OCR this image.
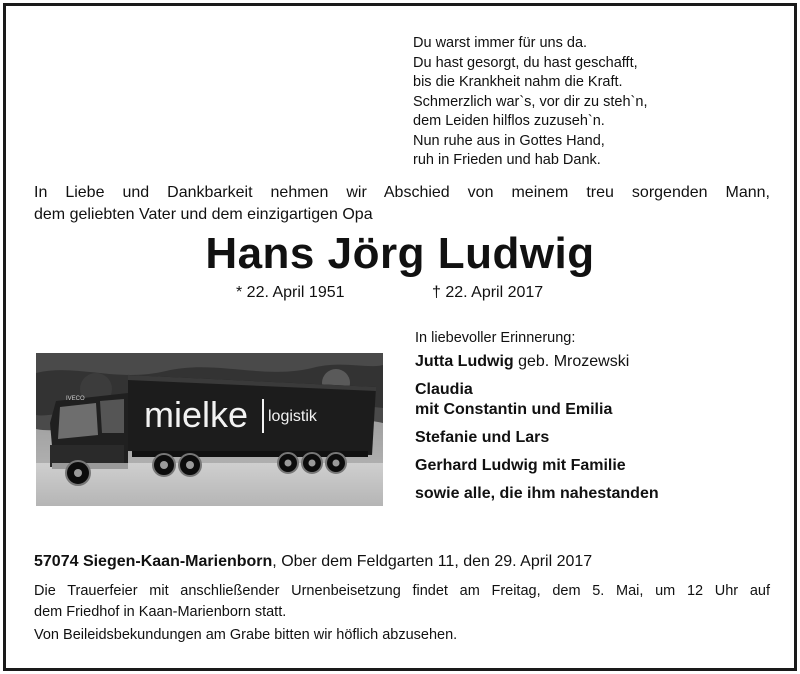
Du warst immer für uns da.
Du hast gesorgt, du hast geschafft,
bis die Krankheit nahm die Kraft.
Schmerzlich war`s, vor dir zu steh`n,
dem Leiden hilflos zuzuseh`n.
Nun ruhe aus in Gottes Hand,
ruh in Frieden und hab Dank.
In Liebe und Dankbarkeit nehmen wir Abschied von meinem treu sorgenden Mann,
dem geliebten Vater und dem einzigartigen Opa
Hans Jörg Ludwig
* 22. April 1951	† 22. April 2017
In liebevoller Erinnerung:
Jutta Ludwig geb. Mrozewski
Claudia
mit Constantin und Emilia
Stefanie und Lars
Gerhard Ludwig mit Familie
sowie alle, die ihm nahestanden
IVECO mielke logistik
57074 Siegen-Kaan-Marienborn, Ober dem Feldgarten 11, den 29. April 2017
Die Trauerfeier mit anschließender Urnenbeisetzung findet am Freitag, dem 5. Mai, um 12 Uhr auf
dem Friedhof in Kaan-Marienborn statt.
Von Beileidsbekundungen am Grabe bitten wir höflich abzusehen.
